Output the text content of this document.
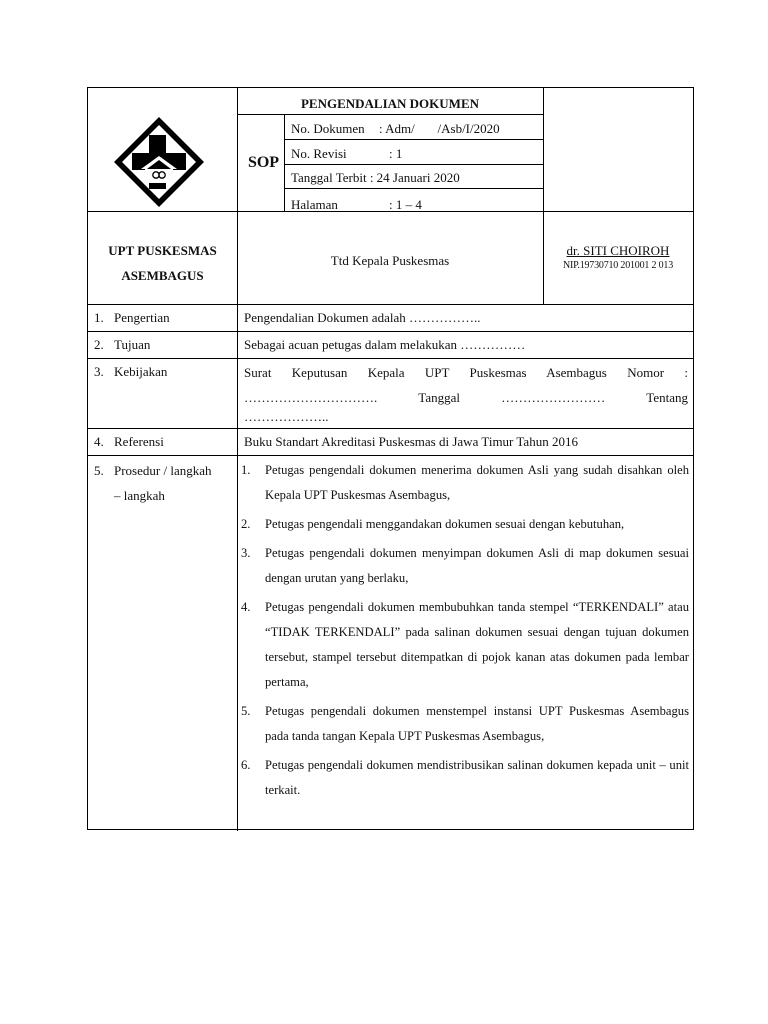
PENGENDALIAN DOKUMEN
SOP
No. Dokumen : Adm/       /Asb/I/2020
No. Revisi	: 1
Tanggal Terbit : 24 Januari 2020
Halaman	: 1 – 4
UPT PUSKESMAS
ASEMBAGUS
Ttd Kepala Puskesmas
dr. SITI CHOIROH
NIP.19730710 201001 2 013
1. Pengertian	Pengendalian Dokumen adalah ……………..
2. Tujuan	Sebagai acuan petugas dalam melakukan ……………
3. Kebijakan	Surat Keputusan Kepala UPT Puskesmas Asembagus Nomor :
…………………………. Tanggal …………………… Tentang
………………..
4. Referensi	Buku Standart Akreditasi Puskesmas di Jawa Timur Tahun 2016
5. Prosedur / langkah
– langkah
1. Petugas pengendali dokumen menerima dokumen Asli yang sudah disahkan oleh Kepala UPT Puskesmas Asembagus,
2. Petugas pengendali menggandakan dokumen sesuai dengan kebutuhan,
3. Petugas pengendali dokumen menyimpan dokumen Asli di map dokumen sesuai dengan urutan yang berlaku,
4. Petugas pengendali dokumen membubuhkan tanda stempel “TERKENDALI” atau “TIDAK TERKENDALI” pada salinan dokumen sesuai dengan tujuan dokumen tersebut, stampel tersebut ditempatkan di pojok kanan atas dokumen pada lembar pertama,
5. Petugas pengendali dokumen menstempel instansi UPT Puskesmas Asembagus pada tanda tangan Kepala UPT Puskesmas Asembagus,
6. Petugas pengendali dokumen mendistribusikan salinan dokumen kepada unit – unit terkait.
